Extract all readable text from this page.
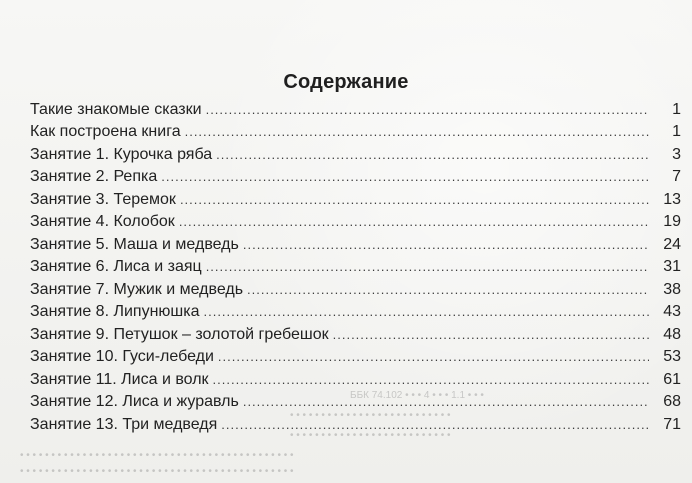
ББК 74.102 • • • 4 • • • 1.1 • • •
• • • • • • • • • • • • • • • • • • • • • • • • • •
• • • • • • • • • • • • • • • • • • • • • • • • • •
• • • • • • • • • • • • • • • • • • • • • • • • • • • • • • • • • • • • • • • • • • • •
• • • • • • • • • • • • • • • • • • • • • • • • • • • • • • • • • • • • • • • • • • • •
Содержание
Такие знакомые сказки .....	1
Как построена книга .....	1
Занятие 1. Курочка ряба .....	3
Занятие 2. Репка .....	7
Занятие 3. Теремок .....	13
Занятие 4. Колобок .....	19
Занятие 5. Маша и медведь .....	24
Занятие 6. Лиса и заяц .....	31
Занятие 7. Мужик и медведь .....	38
Занятие 8. Липунюшка .....	43
Занятие 9. Петушок – золотой гребешок .....	48
Занятие 10. Гуси-лебеди .....	53
Занятие 11. Лиса и волк .....	61
Занятие 12. Лиса и журавль .....	68
Занятие 13. Три медведя .....	71
